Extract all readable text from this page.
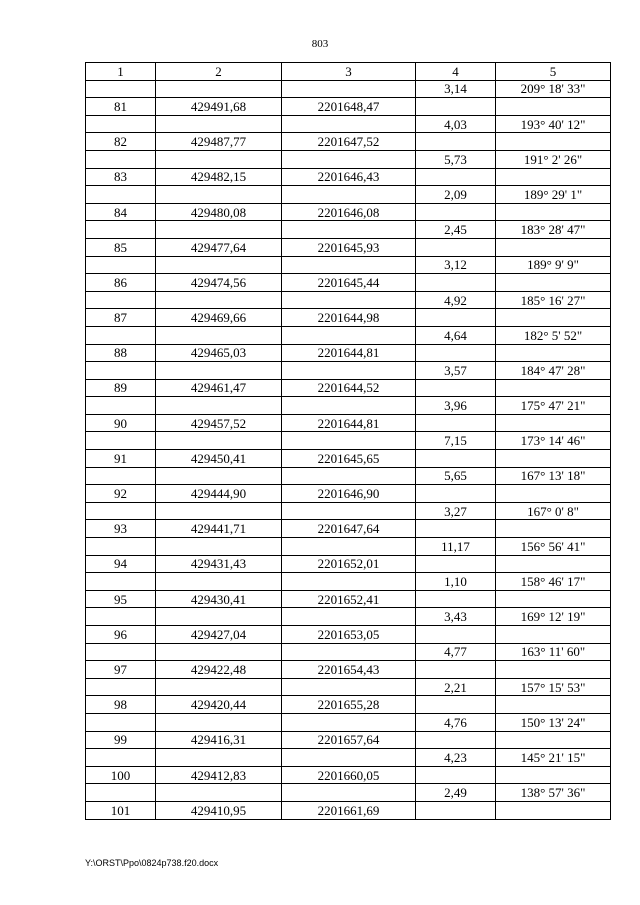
803
1	2	3	4	5
			3,14	209° 18' 33"
81	429491,68	2201648,47		
			4,03	193° 40' 12"
82	429487,77	2201647,52		
			5,73	191° 2' 26"
83	429482,15	2201646,43		
			2,09	189° 29' 1"
84	429480,08	2201646,08		
			2,45	183° 28' 47"
85	429477,64	2201645,93		
			3,12	189° 9' 9"
86	429474,56	2201645,44		
			4,92	185° 16' 27"
87	429469,66	2201644,98		
			4,64	182° 5' 52"
88	429465,03	2201644,81		
			3,57	184° 47' 28"
89	429461,47	2201644,52		
			3,96	175° 47' 21"
90	429457,52	2201644,81		
			7,15	173° 14' 46"
91	429450,41	2201645,65		
			5,65	167° 13' 18"
92	429444,90	2201646,90		
			3,27	167° 0' 8"
93	429441,71	2201647,64		
			11,17	156° 56' 41"
94	429431,43	2201652,01		
			1,10	158° 46' 17"
95	429430,41	2201652,41		
			3,43	169° 12' 19"
96	429427,04	2201653,05		
			4,77	163° 11' 60"
97	429422,48	2201654,43		
			2,21	157° 15' 53"
98	429420,44	2201655,28		
			4,76	150° 13' 24"
99	429416,31	2201657,64		
			4,23	145° 21' 15"
100	429412,83	2201660,05		
			2,49	138° 57' 36"
101	429410,95	2201661,69		
Y:\ORST\Ppo\0824p738.f20.docx
